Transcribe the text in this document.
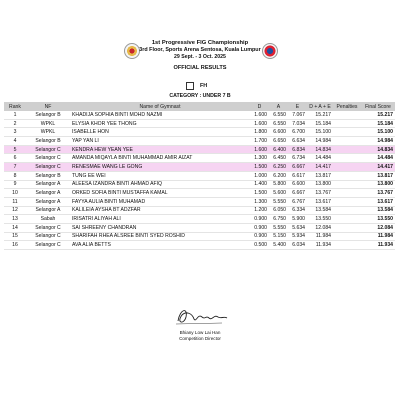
1st Progressive FIG Championship
3rd Floor, Sports Arena Sentosa, Kuala Lumpur
29 Sept. - 3 Oct. 2025
OFFICIAL RESULTS
FH
CATEGORY : UNDER 7 B
Rank	NF	Name of Gymnast	D	A	E	D + A + E	Penalties	Final Score
1	Selangor B	KHADIJA SOPHIA BINTI MOHD NAZMI	1.600	6.550	7.067	15.217		15.217
2	WPKL	ELYSIA KHOR YEE THONG	1.600	6.550	7.034	15.184		15.184
3	WPKL	ISABELLE HON	1.800	6.600	6.700	15.100		15.100
4	Selangor B	YAP YAN LI	1.700	6.650	6.634	14.984		14.984
5	Selangor C	KENDRA HEW YEAN YEE	1.600	6.400	6.834	14.834		14.834
6	Selangor C	AMANDA MIQAYLA BINTI MUHAMMAD AMIR AIZAT	1.300	6.450	6.734	14.484		14.484
7	Selangor C	RENESMAE WANG LE GONG	1.500	6.250	6.667	14.417		14.417
8	Selangor B	TUNG EE WEI	1.000	6.200	6.617	13.817		13.817
9	Selangor A	ALEESA IZANDRA BINTI AHMAD AFIQ	1.400	5.800	6.600	13.800		13.800
10	Selangor A	ORKED SOFIA BINTI MUSTAFFA KAMAL	1.500	5.600	6.667	13.767		13.767
11	Selangor A	FAYYA AULIA BINTI MUHAMAD	1.300	5.550	6.767	13.617		13.617
12	Selangor A	KALILEIA AYSHA BT ADZFAR	1.200	6.050	6.334	13.584		13.584
13	Sabah	IRISATRI ALIYAH ALI	0.900	6.750	5.900	13.550		13.550
14	Selangor C	SAI SHREENY CHANDRAN	0.900	5.550	5.634	12.084		12.084
15	Selangor C	SHARIFAH RHEA ALSREE BINTI SYED ROSHID	0.900	5.150	5.934	11.984		11.984
16	Selangor C	AVA ALIA BETTS	0.500	5.400	6.034	11.934		11.934
Bhiany Low Lai Han
Competition Director
